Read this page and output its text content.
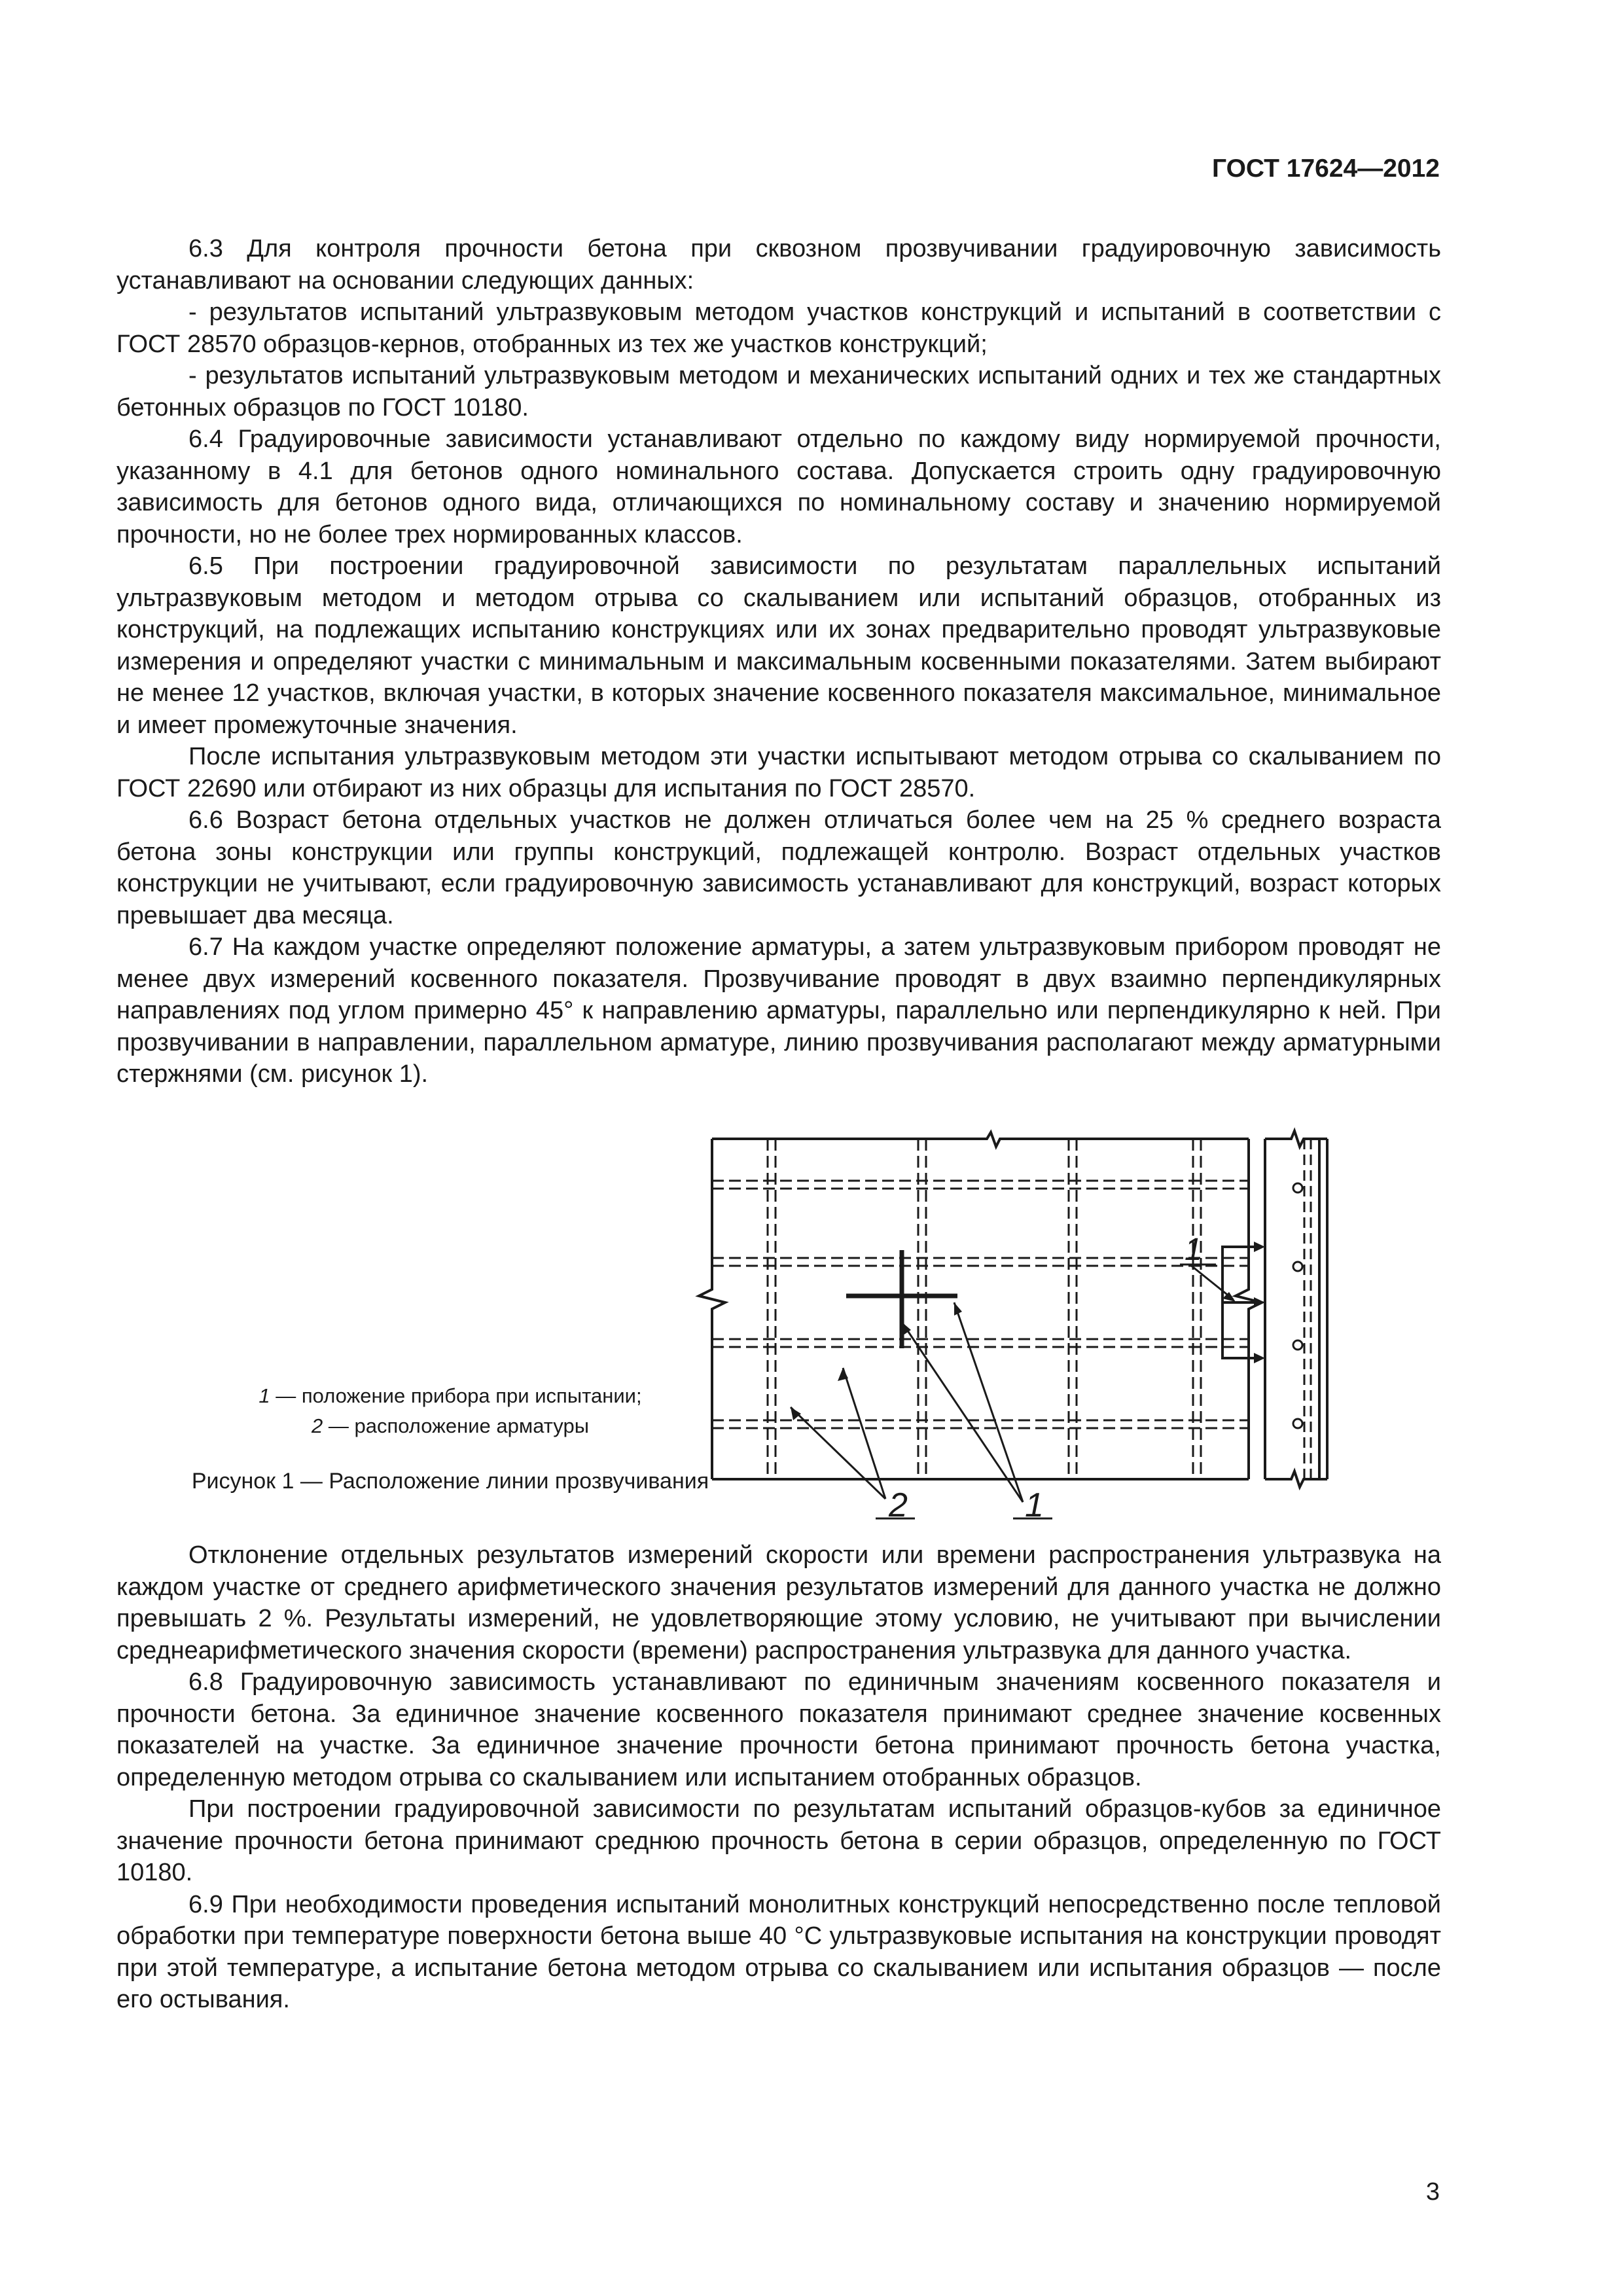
ГОСТ 17624—2012

6.3 Для контроля прочности бетона при сквозном прозвучивании градуировочную зависимость устанавливают на основании следующих данных:

- результатов испытаний ультразвуковым методом участков конструкций и испытаний в соответствии с ГОСТ 28570 образцов-кернов, отобранных из тех же участков конструкций;

- результатов испытаний ультразвуковым методом и механических испытаний одних и тех же стандартных бетонных образцов по ГОСТ 10180.

6.4 Градуировочные зависимости устанавливают отдельно по каждому виду нормируемой прочности, указанному в 4.1 для бетонов одного номинального состава. Допускается строить одну градуировочную зависимость для бетонов одного вида, отличающихся по номинальному составу и значению нормируемой прочности, но не более трех нормированных классов.

6.5 При построении градуировочной зависимости по результатам параллельных испытаний ультразвуковым методом и методом отрыва со скалыванием или испытаний образцов, отобранных из конструкций, на подлежащих испытанию конструкциях или их зонах предварительно проводят ультразвуковые измерения и определяют участки с минимальным и максимальным косвенными показателями. Затем выбирают не менее 12 участков, включая участки, в которых значение косвенного показателя максимальное, минимальное и имеет промежуточные значения.

После испытания ультразвуковым методом эти участки испытывают методом отрыва со скалыванием по ГОСТ 22690 или отбирают из них образцы для испытания по ГОСТ 28570.

6.6 Возраст бетона отдельных участков не должен отличаться более чем на 25 % среднего возраста бетона зоны конструкции или группы конструкций, подлежащей контролю. Возраст отдельных участков конструкции не учитывают, если градуировочную зависимость устанавливают для конструкций, возраст которых превышает два месяца.

6.7 На каждом участке определяют положение арматуры, а затем ультразвуковым прибором проводят не менее двух измерений косвенного показателя. Прозвучивание проводят в двух взаимно перпендикулярных направлениях под углом примерно 45° к направлению арматуры, параллельно или перпендикулярно к ней. При прозвучивании в направлении, параллельном арматуре, линию прозвучивания располагают между арматурными стержнями (см. рисунок 1).

1 — положение прибора при испытании;
2 — расположение арматуры
Рисунок 1 — Расположение линии прозвучивания
2	1
1

Отклонение отдельных результатов измерений скорости или времени распространения ультразвука на каждом участке от среднего арифметического значения результатов измерений для данного участка не должно превышать 2 %. Результаты измерений, не удовлетворяющие этому условию, не учитывают при вычислении среднеарифметического значения скорости (времени) распространения ультразвука для данного участка.

6.8 Градуировочную зависимость устанавливают по единичным значениям косвенного показателя и прочности бетона. За единичное значение косвенного показателя принимают среднее значение косвенных показателей на участке. За единичное значение прочности бетона принимают прочность бетона участка, определенную методом отрыва со скалыванием или испытанием отобранных образцов.

При построении градуировочной зависимости по результатам испытаний образцов-кубов за единичное значение прочности бетона принимают среднюю прочность бетона в серии образцов, определенную по ГОСТ 10180.

6.9 При необходимости проведения испытаний монолитных конструкций непосредственно после тепловой обработки при температуре поверхности бетона выше 40 °С ультразвуковые испытания на конструкции проводят при этой температуре, а испытание бетона методом отрыва со скалыванием или испытания образцов — после его остывания.

3
